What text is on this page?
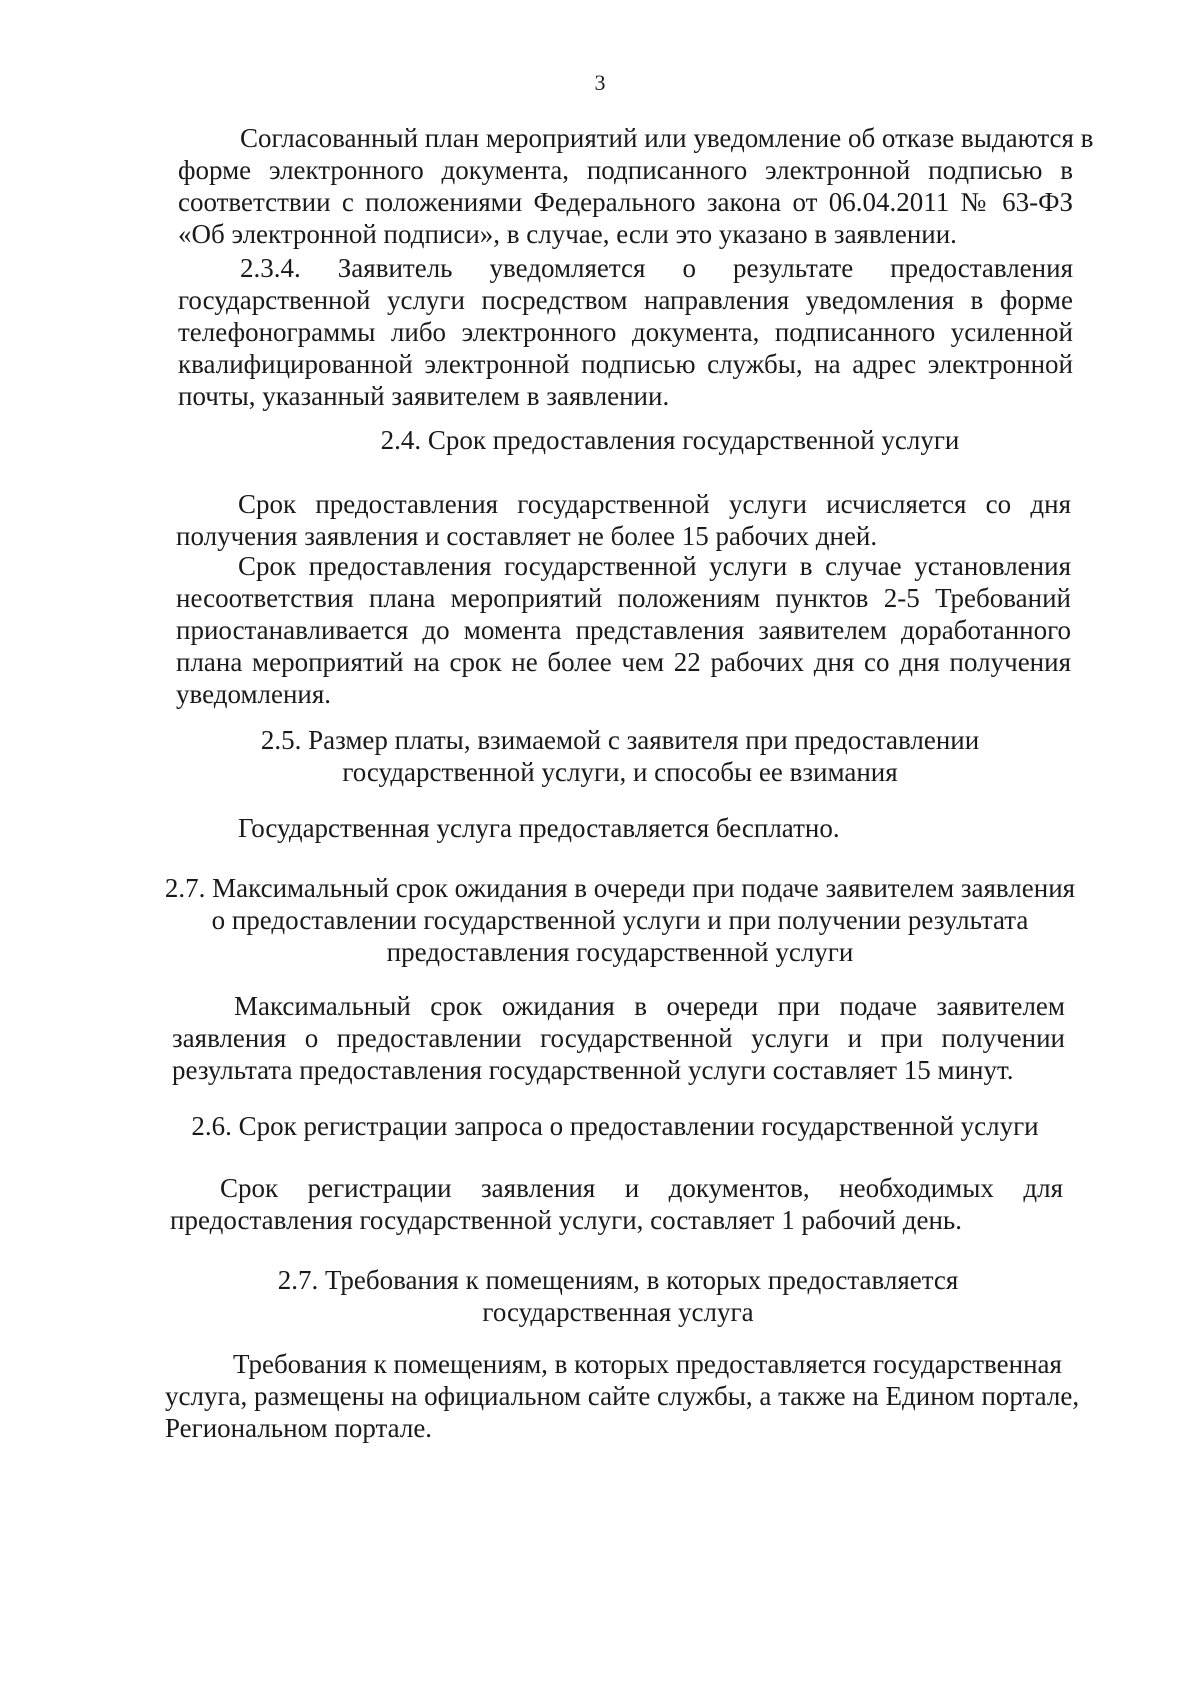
3
Согласованный план мероприятий или уведомление об отказе выдаются в
форме электронного документа, подписанного электронной подписью в
соответствии с положениями Федерального закона от 06.04.2011 № 63-ФЗ
«Об электронной подписи», в случае, если это указано в заявлении.
2.3.4. Заявитель уведомляется о результате предоставления
государственной услуги посредством направления уведомления в форме
телефонограммы либо электронного документа, подписанного усиленной
квалифицированной электронной подписью службы, на адрес электронной
почты, указанный заявителем в заявлении.
2.4. Срок предоставления государственной услуги
Срок предоставления государственной услуги исчисляется со дня
получения заявления и составляет не более 15 рабочих дней.
Срок предоставления государственной услуги в случае установления
несоответствия плана мероприятий положениям пунктов 2-5 Требований
приостанавливается до момента представления заявителем доработанного
плана мероприятий на срок не более чем 22 рабочих дня со дня получения
уведомления.
2.5. Размер платы, взимаемой с заявителя при предоставлении
государственной услуги, и способы ее взимания
Государственная услуга предоставляется бесплатно.
2.7. Максимальный срок ожидания в очереди при подаче заявителем заявления
о предоставлении государственной услуги и при получении результата
предоставления государственной услуги
Максимальный срок ожидания в очереди при подаче заявителем
заявления о предоставлении государственной услуги и при получении
результата предоставления государственной услуги составляет 15 минут.
2.6. Срок регистрации запроса о предоставлении государственной услуги
Срок регистрации заявления и документов, необходимых для
предоставления государственной услуги, составляет 1 рабочий день.
2.7. Требования к помещениям, в которых предоставляется
государственная услуга
Требования к помещениям, в которых предоставляется государственная
услуга, размещены на официальном сайте службы, а также на Едином портале,
Региональном портале.
